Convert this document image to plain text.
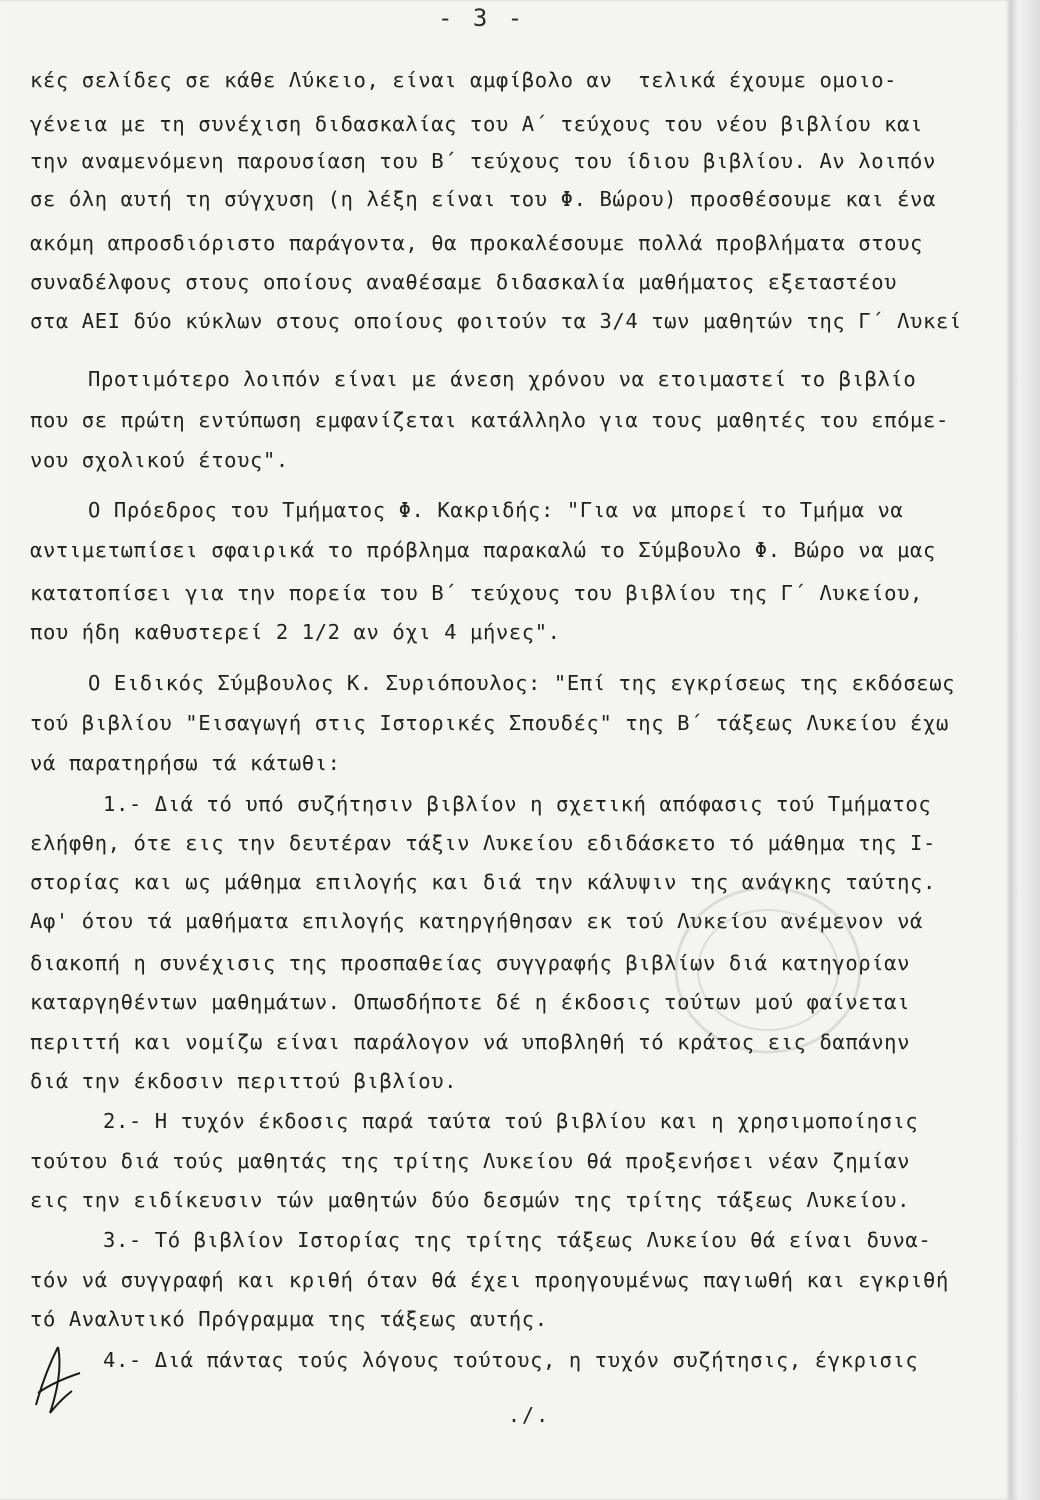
- 3 -
κές σελίδες σε κάθε Λύκειο, είναι αμφίβολο αν  τελικά έχουμε ομοιο-
γένεια με τη συνέχιση διδασκαλίας του Α΄ τεύχους του νέου βιβλίου και
την αναμενόμενη παρουσίαση του Β΄ τεύχους του ίδιου βιβλίου. Αν λοιπόν
σε όλη αυτή τη σύγχυση (η λέξη είναι του Φ. Βώρου) προσθέσουμε και ένα
ακόμη απροσδιόριστο παράγοντα, θα προκαλέσουμε πολλά προβλήματα στους
συναδέλφους στους οποίους αναθέσαμε διδασκαλία μαθήματος εξεταστέου
στα ΑΕΙ δύο κύκλων στους οποίους φοιτούν τα 3/4 των μαθητών της Γ΄ Λυκεί
Προτιμότερο λοιπόν είναι με άνεση χρόνου να ετοιμαστεί το βιβλίο
που σε πρώτη εντύπωση εμφανίζεται κατάλληλο για τους μαθητές του επόμε-
νου σχολικού έτους".
Ο Πρόεδρος του Τμήματος Φ. Κακριδής: "Για να μπορεί το Τμήμα να
αντιμετωπίσει σφαιρικά το πρόβλημα παρακαλώ το Σύμβουλο Φ. Βώρο να μας
κατατοπίσει για την πορεία του Β΄ τεύχους του βιβλίου της Γ΄ Λυκείου,
που ήδη καθυστερεί 2 1/2 αν όχι 4 μήνες".
Ο Ειδικός Σύμβουλος Κ. Συριόπουλος: "Επί της εγκρίσεως της εκδόσεως
τού βιβλίου "Εισαγωγή στις Ιστορικές Σπουδές" της Β΄ τάξεως Λυκείου έχω
νά παρατηρήσω τά κάτωθι:
1.- Διά τό υπό συζήτησιν βιβλίον η σχετική απόφασις τού Τμήματος
ελήφθη, ότε εις την δευτέραν τάξιν Λυκείου εδιδάσκετο τό μάθημα της Ι-
στορίας και ως μάθημα επιλογής και διά την κάλυψιν της ανάγκης ταύτης.
Αφ' ότου τά μαθήματα επιλογής κατηργήθησαν εκ τού Λυκείου ανέμενον νά
διακοπή η συνέχισις της προσπαθείας συγγραφής βιβλίων διά κατηγορίαν
καταργηθέντων μαθημάτων. Οπωσδήποτε δέ η έκδοσις τούτων μού φαίνεται
περιττή και νομίζω είναι παράλογον νά υποβληθή τό κράτος εις δαπάνην
διά την έκδοσιν περιττού βιβλίου.
2.- Η τυχόν έκδοσις παρά ταύτα τού βιβλίου και η χρησιμοποίησις
τούτου διά τούς μαθητάς της τρίτης Λυκείου θά προξενήσει νέαν ζημίαν
εις την ειδίκευσιν τών μαθητών δύο δεσμών της τρίτης τάξεως Λυκείου.
3.- Τό βιβλίον Ιστορίας της τρίτης τάξεως Λυκείου θά είναι δυνα-
τόν νά συγγραφή και κριθή όταν θά έχει προηγουμένως παγιωθή και εγκριθή
τό Αναλυτικό Πρόγραμμα της τάξεως αυτής.
4.- Διά πάντας τούς λόγους τούτους, η τυχόν συζήτησις, έγκρισις
./.
